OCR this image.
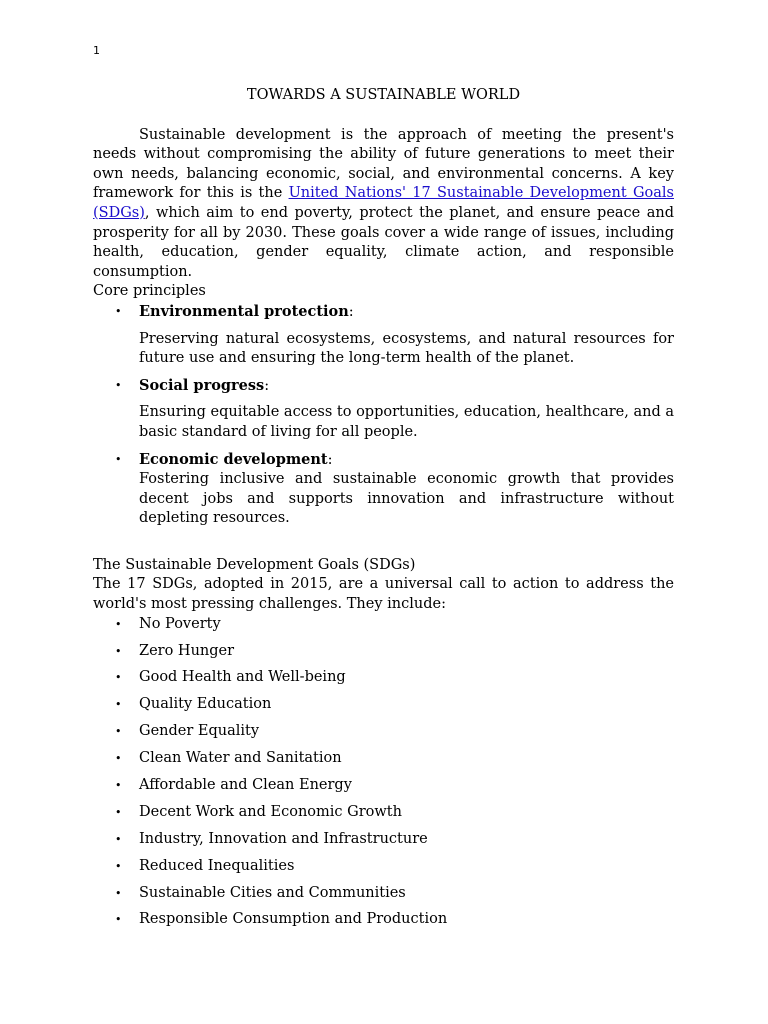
1

TOWARDS A SUSTAINABLE WORLD

Sustainable development is the approach of meeting the present's needs without compromising the ability of future generations to meet their own needs, balancing economic, social, and environmental concerns. A key framework for this is the United Nations' 17 Sustainable Development Goals (SDGs), which aim to end poverty, protect the planet, and ensure peace and prosperity for all by 2030. These goals cover a wide range of issues, including health, education, gender equality, climate action, and responsible consumption.

Core principles

• Environmental protection:

Preserving natural ecosystems, ecosystems, and natural resources for future use and ensuring the long-term health of the planet.

• Social progress:

Ensuring equitable access to opportunities, education, healthcare, and a basic standard of living for all people.

• Economic development:

Fostering inclusive and sustainable economic growth that provides decent jobs and supports innovation and infrastructure without depleting resources.

The Sustainable Development Goals (SDGs)

The 17 SDGs, adopted in 2015, are a universal call to action to address the world's most pressing challenges. They include:

• No Poverty
• Zero Hunger
• Good Health and Well-being
• Quality Education
• Gender Equality
• Clean Water and Sanitation
• Affordable and Clean Energy
• Decent Work and Economic Growth
• Industry, Innovation and Infrastructure
• Reduced Inequalities
• Sustainable Cities and Communities
• Responsible Consumption and Production
